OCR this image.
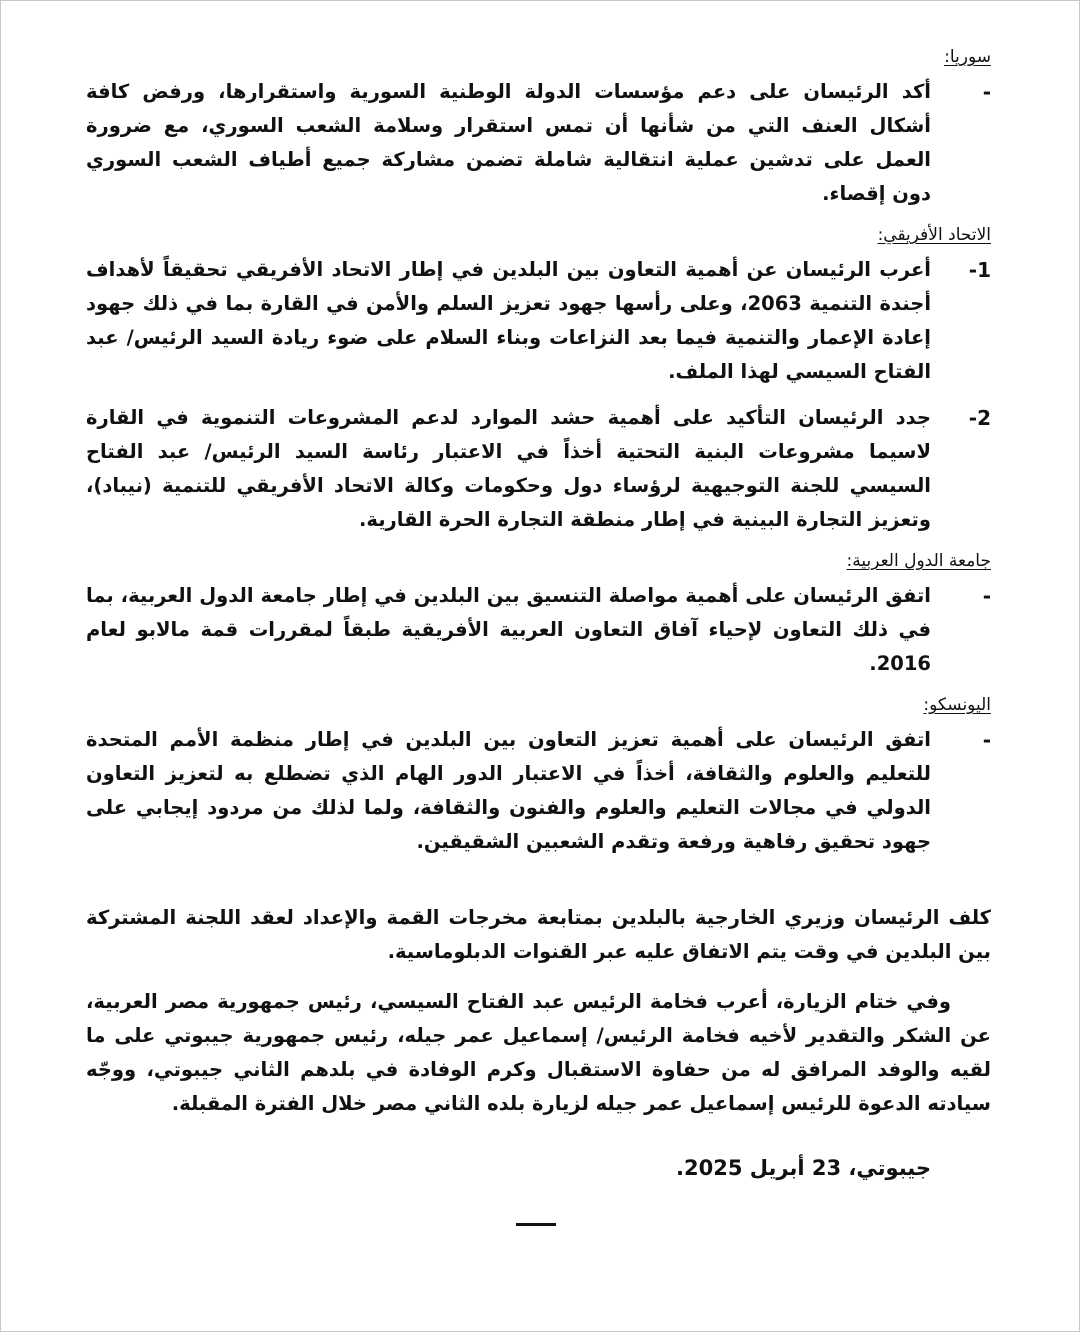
سوريا:
-
أكد الرئيسان على دعم مؤسسات الدولة الوطنية السورية واستقرارها، ورفض كافة أشكال العنف التي من شأنها أن تمس استقرار وسلامة الشعب السوري، مع ضرورة العمل على تدشين عملية انتقالية شاملة تضمن مشاركة جميع أطياف الشعب السوري دون إقصاء.
الاتحاد الأفريقي:
1-
أعرب الرئيسان عن أهمية التعاون بين البلدين في إطار الاتحاد الأفريقي تحقيقاً لأهداف أجندة التنمية 2063، وعلى رأسها جهود تعزيز السلم والأمن في القارة بما في ذلك جهود إعادة الإعمار والتنمية فيما بعد النزاعات وبناء السلام على ضوء ريادة السيد الرئيس/ عبد الفتاح السيسي لهذا الملف.
2-
جدد الرئيسان التأكيد على أهمية حشد الموارد لدعم المشروعات التنموية في القارة لاسيما مشروعات البنية التحتية أخذاً في الاعتبار رئاسة السيد الرئيس/ عبد الفتاح السيسي للجنة التوجيهية لرؤساء دول وحكومات وكالة الاتحاد الأفريقي للتنمية (نيباد)، وتعزيز التجارة البينية في إطار منطقة التجارة الحرة القارية.
جامعة الدول العربية:
-
اتفق الرئيسان على أهمية مواصلة التنسيق بين البلدين في إطار جامعة الدول العربية، بما في ذلك التعاون لإحياء آفاق التعاون العربية الأفريقية طبقاً لمقررات قمة مالابو لعام 2016.
اليونسكو:
-
اتفق الرئيسان على أهمية تعزيز التعاون بين البلدين في إطار منظمة الأمم المتحدة للتعليم والعلوم والثقافة، أخذاً في الاعتبار الدور الهام الذي تضطلع به لتعزيز التعاون الدولي في مجالات التعليم والعلوم والفنون والثقافة، ولما لذلك من مردود إيجابي على جهود تحقيق رفاهية ورفعة وتقدم الشعبين الشقيقين.

كلف الرئيسان وزيري الخارجية بالبلدين بمتابعة مخرجات القمة والإعداد لعقد اللجنة المشتركة بين البلدين في وقت يتم الاتفاق عليه عبر القنوات الدبلوماسية.

وفي ختام الزيارة، أعرب فخامة الرئيس عبد الفتاح السيسي، رئيس جمهورية مصر العربية، عن الشكر والتقدير لأخيه فخامة الرئيس/ إسماعيل عمر جيله، رئيس جمهورية جيبوتي على ما لقيه والوفد المرافق له من حفاوة الاستقبال وكرم الوفادة في بلدهم الثاني جيبوتي، ووجّه سيادته الدعوة للرئيس إسماعيل عمر جيله لزيارة بلده الثاني مصر خلال الفترة المقبلة.

جيبوتي، 23 أبريل 2025.
